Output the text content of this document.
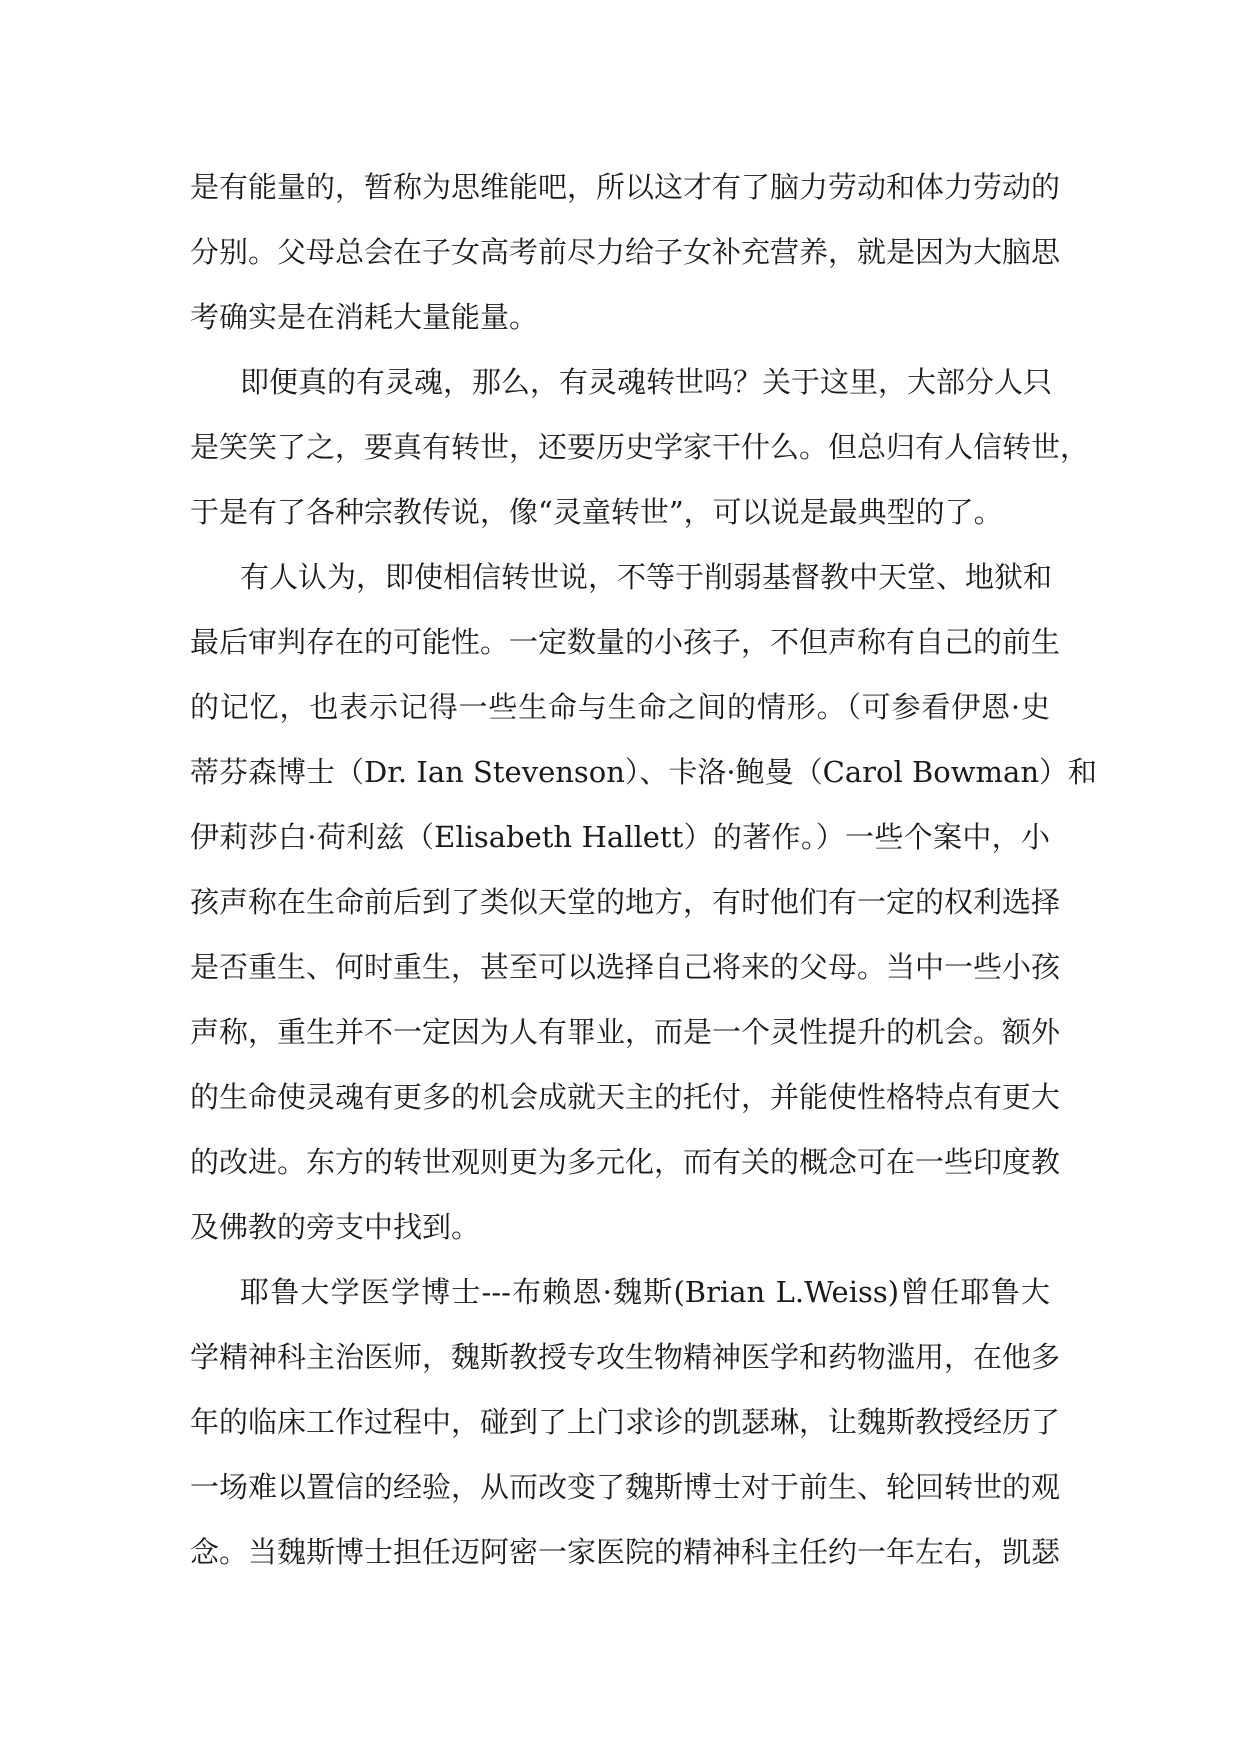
是有能量的，暂称为思维能吧，所以这才有了脑力劳动和体力劳动的
分别。父母总会在子女高考前尽力给子女补充营养，就是因为大脑思
考确实是在消耗大量能量。
即便真的有灵魂，那么，有灵魂转世吗？关于这里，大部分人只
是笑笑了之，要真有转世，还要历史学家干什么。但总归有人信转世，
于是有了各种宗教传说，像“灵童转世”，可以说是最典型的了。
有人认为，即使相信转世说，不等于削弱基督教中天堂、地狱和
最后审判存在的可能性。一定数量的小孩子，不但声称有自己的前生
的记忆，也表示记得一些生命与生命之间的情形。（可参看伊恩·史
蒂芬森博士（Dr. Ian Stevenson）、卡洛·鲍曼（Carol Bowman）和
伊莉莎白·荷利兹（Elisabeth Hallett）的著作。）一些个案中，小
孩声称在生命前后到了类似天堂的地方，有时他们有一定的权利选择
是否重生、何时重生，甚至可以选择自己将来的父母。当中一些小孩
声称，重生并不一定因为人有罪业，而是一个灵性提升的机会。额外
的生命使灵魂有更多的机会成就天主的托付，并能使性格特点有更大
的改进。东方的转世观则更为多元化，而有关的概念可在一些印度教
及佛教的旁支中找到。
耶鲁大学医学博士---布赖恩·魏斯(Brian L.Weiss)曾任耶鲁大
学精神科主治医师，魏斯教授专攻生物精神医学和药物滥用，在他多
年的临床工作过程中，碰到了上门求诊的凯瑟琳，让魏斯教授经历了
一场难以置信的经验，从而改变了魏斯博士对于前生、轮回转世的观
念。当魏斯博士担任迈阿密一家医院的精神科主任约一年左右，凯瑟
